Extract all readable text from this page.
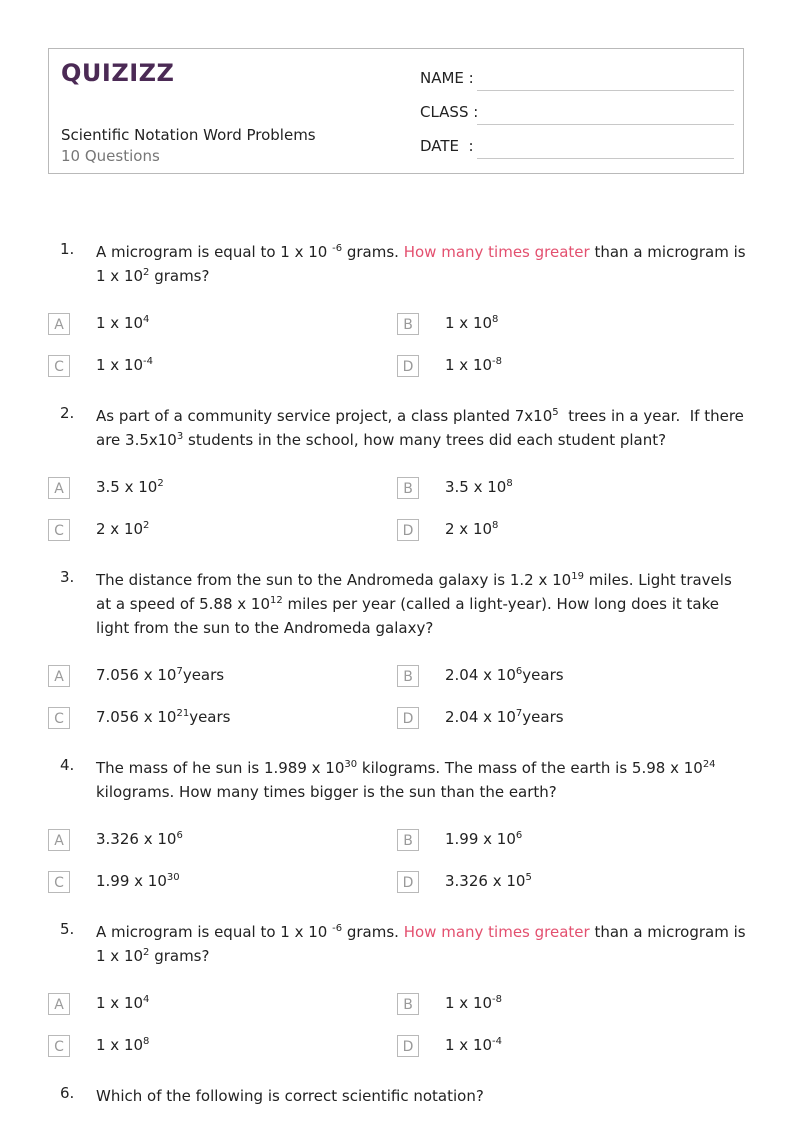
QUIZIZZ
Scientific Notation Word Problems
10 Questions
NAME :
CLASS :
DATE  :
1. A microgram is equal to 1 x 10 $^{-6}$ grams. How many times greater than a microgram is 1 x $10^2$ grams?
A	1 x $10^4$	B	1 x $10^8$
C	1 x $10^{-4}$	D	1 x $10^{-8}$
2. As part of a community service project, a class planted $7x10^5$  trees in a year.  If there are $3.5x10^3$ students in the school, how many trees did each student plant?
A	3.5 x $10^2$	B	3.5 x $10^8$
C	2 x $10^2$	D	2 x $10^8$
3. The distance from the sun to the Andromeda galaxy is 1.2 x $10^{19}$ miles. Light travels at a speed of 5.88 x $10^{12}$ miles per year (called a light-year). How long does it take light from the sun to the Andromeda galaxy?
A	7.056 x $10^7years$	B	2.04 x $10^6years$
C	7.056 x $10^{21}years$	D	2.04 x $10^7years$
4. The mass of he sun is 1.989 x $10^{30}$ kilograms. The mass of the earth is 5.98 x $10^{24}$ kilograms. How many times bigger is the sun than the earth?
A	3.326 x $10^6$	B	1.99 x $10^6$
C	1.99 x $10^{30}$	D	3.326 x $10^5$
5. A microgram is equal to 1 x 10 $^{-6}$ grams. How many times greater than a microgram is 1 x $10^2$ grams?
A	1 x $10^4$	B	1 x $10^{-8}$
C	1 x $10^8$	D	1 x $10^{-4}$
6. Which of the following is correct scientific notation?
